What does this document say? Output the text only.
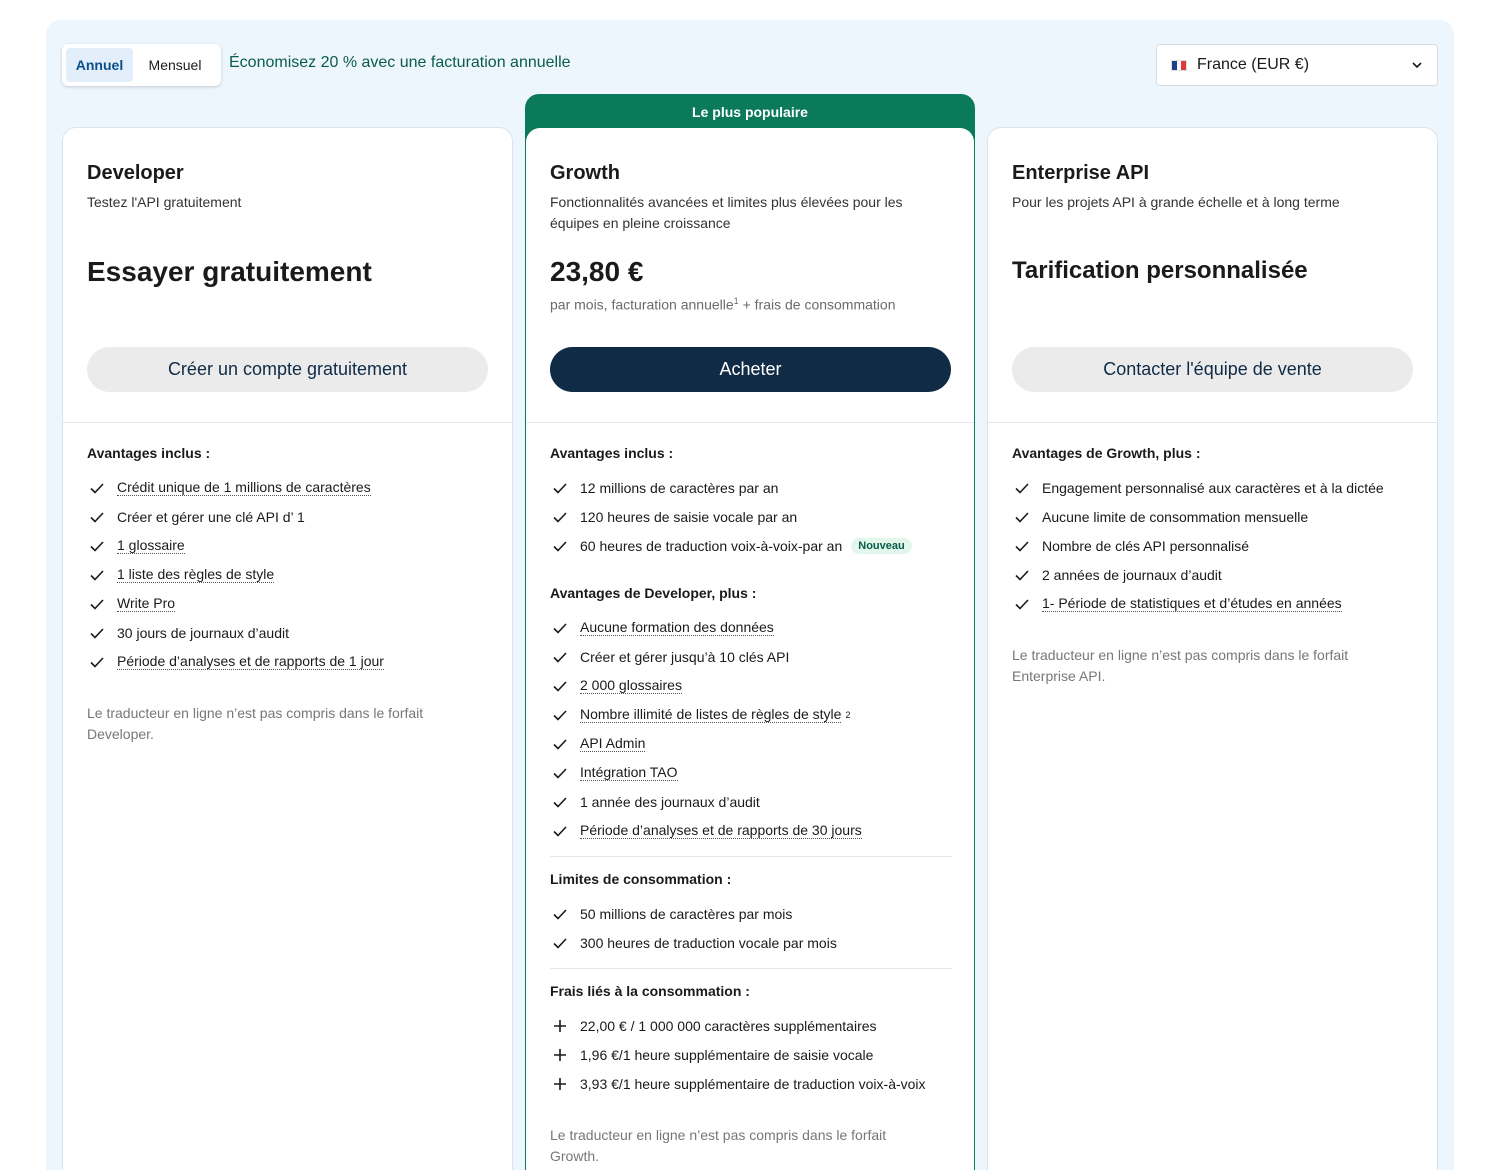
Annuel	Mensuel	Économisez 20 % avec une facturation annuelle	France (EUR €)
Developer
Testez l'API gratuitement
Essayer gratuitement
Créer un compte gratuitement
Avantages inclus :
Crédit unique de 1 millions de caractères
Créer et gérer une clé API d’ 1
1 glossaire
1 liste des règles de style
Write Pro
30 jours de journaux d’audit
Période d’analyses et de rapports de 1 jour
Le traducteur en ligne n’est pas compris dans le forfait Developer.
Le plus populaire
Growth
Fonctionnalités avancées et limites plus élevées pour les équipes en pleine croissance
23,80 €
par mois, facturation annuelle$^1$ + frais de consommation
Acheter
Avantages inclus :
12 millions de caractères par an
120 heures de saisie vocale par an
60 heures de traduction voix-à-voix-par an	Nouveau
Avantages de Developer, plus :
Aucune formation des données
Créer et gérer jusqu’à 10 clés API
2 000 glossaires
Nombre illimité de listes de règles de style 2
API Admin
Intégration TAO
1 année des journaux d’audit
Période d’analyses et de rapports de 30 jours
Limites de consommation :
50 millions de caractères par mois
300 heures de traduction vocale par mois
Frais liés à la consommation :
22,00 € / 1 000 000 caractères supplémentaires
1,96 €/1 heure supplémentaire de saisie vocale
3,93 €/1 heure supplémentaire de traduction voix-à-voix
Le traducteur en ligne n’est pas compris dans le forfait Growth.
Enterprise API
Pour les projets API à grande échelle et à long terme
Tarification personnalisée
Contacter l'équipe de vente
Avantages de Growth, plus :
Engagement personnalisé aux caractères et à la dictée
Aucune limite de consommation mensuelle
Nombre de clés API personnalisé
2 années de journaux d’audit
1- Période de statistiques et d’études en années
Le traducteur en ligne n’est pas compris dans le forfait Enterprise API.
